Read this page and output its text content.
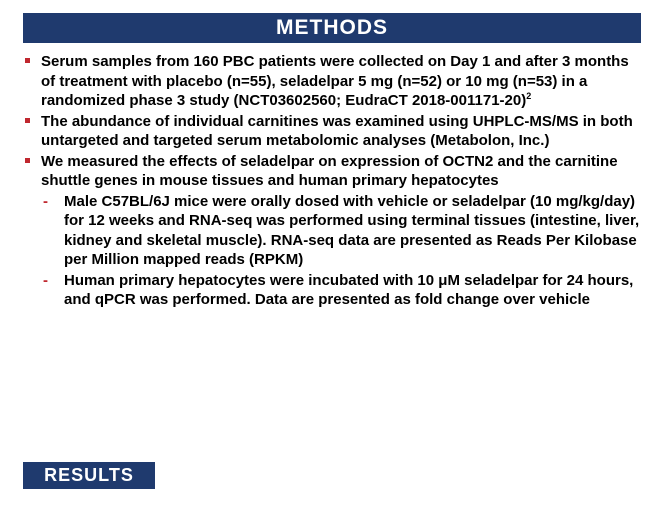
METHODS
Serum samples from 160 PBC patients were collected on Day 1 and after 3 months of treatment with placebo (n=55), seladelpar 5 mg (n=52) or 10 mg (n=53) in a randomized phase 3 study (NCT03602560; EudraCT 2018-001171-20)$^2$
The abundance of individual carnitines was examined using UHPLC-MS/MS in both untargeted and targeted serum metabolomic analyses (Metabolon, Inc.)
We measured the effects of seladelpar on expression of OCTN2 and the carnitine shuttle genes in mouse tissues and human primary hepatocytes
- Male C57BL/6J mice were orally dosed with vehicle or seladelpar (10 mg/kg/day) for 12 weeks and RNA-seq was performed using terminal tissues (intestine, liver, kidney and skeletal muscle). RNA-seq data are presented as Reads Per Kilobase per Million mapped reads (RPKM)
- Human primary hepatocytes were incubated with 10 μM seladelpar for 24 hours, and qPCR was performed. Data are presented as fold change over vehicle
RESULTS
